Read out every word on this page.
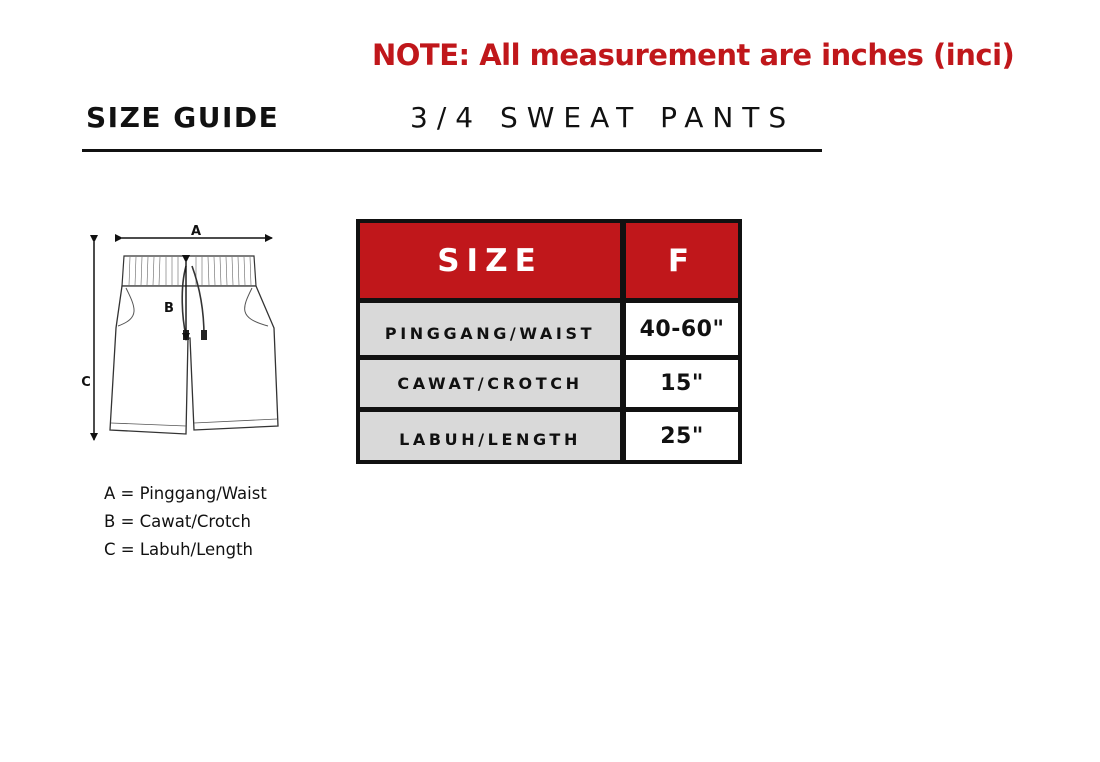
NOTE: All measurement are inches (inci)
SIZE GUIDE	3/4 SWEAT PANTS
A
C
B
A = Pinggang/Waist
B = Cawat/Crotch
C = Labuh/Length
SIZE	F
PINGGANG/WAIST	40-60"
CAWAT/CROTCH	15"
LABUH/LENGTH	25"
